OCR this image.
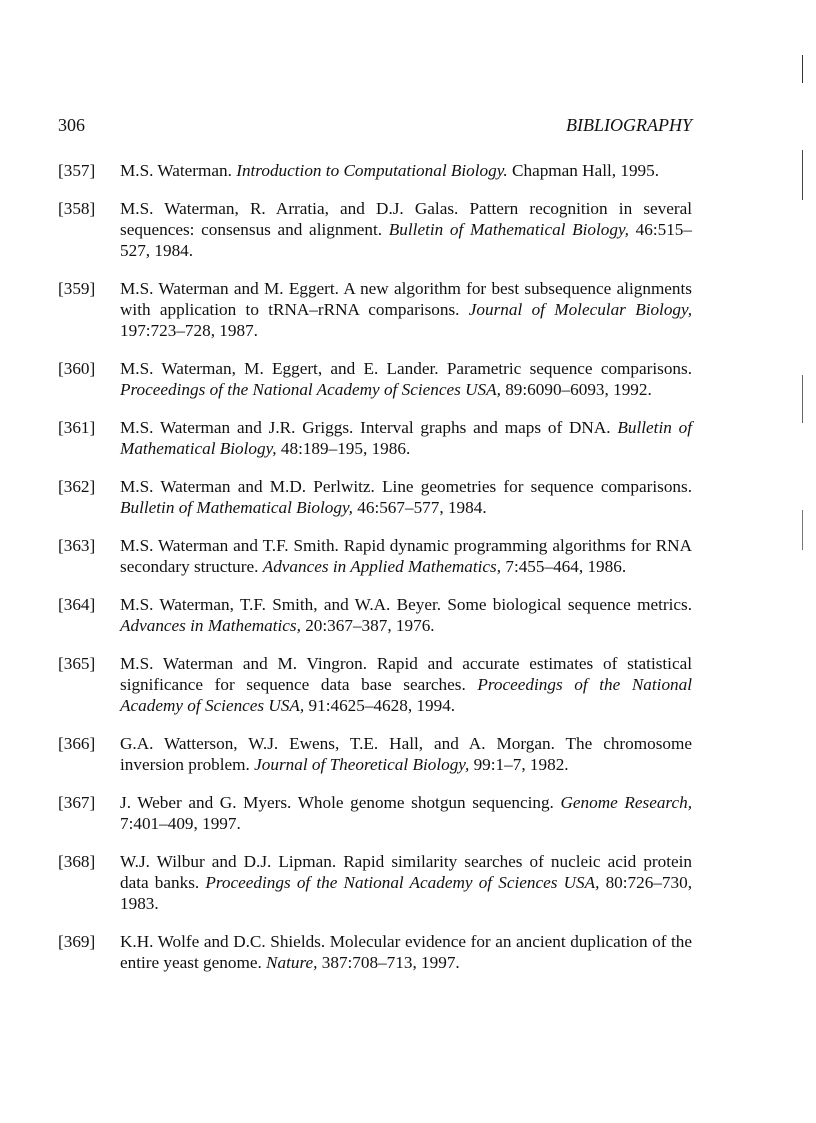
306	BIBLIOGRAPHY
[357] M.S. Waterman. Introduction to Computational Biology. Chapman Hall, 1995.
[358] M.S. Waterman, R. Arratia, and D.J. Galas. Pattern recognition in several sequences: consensus and alignment. Bulletin of Mathematical Biology, 46:515–527, 1984.
[359] M.S. Waterman and M. Eggert. A new algorithm for best subsequence alignments with application to tRNA–rRNA comparisons. Journal of Molecular Biology, 197:723–728, 1987.
[360] M.S. Waterman, M. Eggert, and E. Lander. Parametric sequence comparisons. Proceedings of the National Academy of Sciences USA, 89:6090–6093, 1992.
[361] M.S. Waterman and J.R. Griggs. Interval graphs and maps of DNA. Bulletin of Mathematical Biology, 48:189–195, 1986.
[362] M.S. Waterman and M.D. Perlwitz. Line geometries for sequence comparisons. Bulletin of Mathematical Biology, 46:567–577, 1984.
[363] M.S. Waterman and T.F. Smith. Rapid dynamic programming algorithms for RNA secondary structure. Advances in Applied Mathematics, 7:455–464, 1986.
[364] M.S. Waterman, T.F. Smith, and W.A. Beyer. Some biological sequence metrics. Advances in Mathematics, 20:367–387, 1976.
[365] M.S. Waterman and M. Vingron. Rapid and accurate estimates of statistical significance for sequence data base searches. Proceedings of the National Academy of Sciences USA, 91:4625–4628, 1994.
[366] G.A. Watterson, W.J. Ewens, T.E. Hall, and A. Morgan. The chromosome inversion problem. Journal of Theoretical Biology, 99:1–7, 1982.
[367] J. Weber and G. Myers. Whole genome shotgun sequencing. Genome Research, 7:401–409, 1997.
[368] W.J. Wilbur and D.J. Lipman. Rapid similarity searches of nucleic acid protein data banks. Proceedings of the National Academy of Sciences USA, 80:726–730, 1983.
[369] K.H. Wolfe and D.C. Shields. Molecular evidence for an ancient duplication of the entire yeast genome. Nature, 387:708–713, 1997.
